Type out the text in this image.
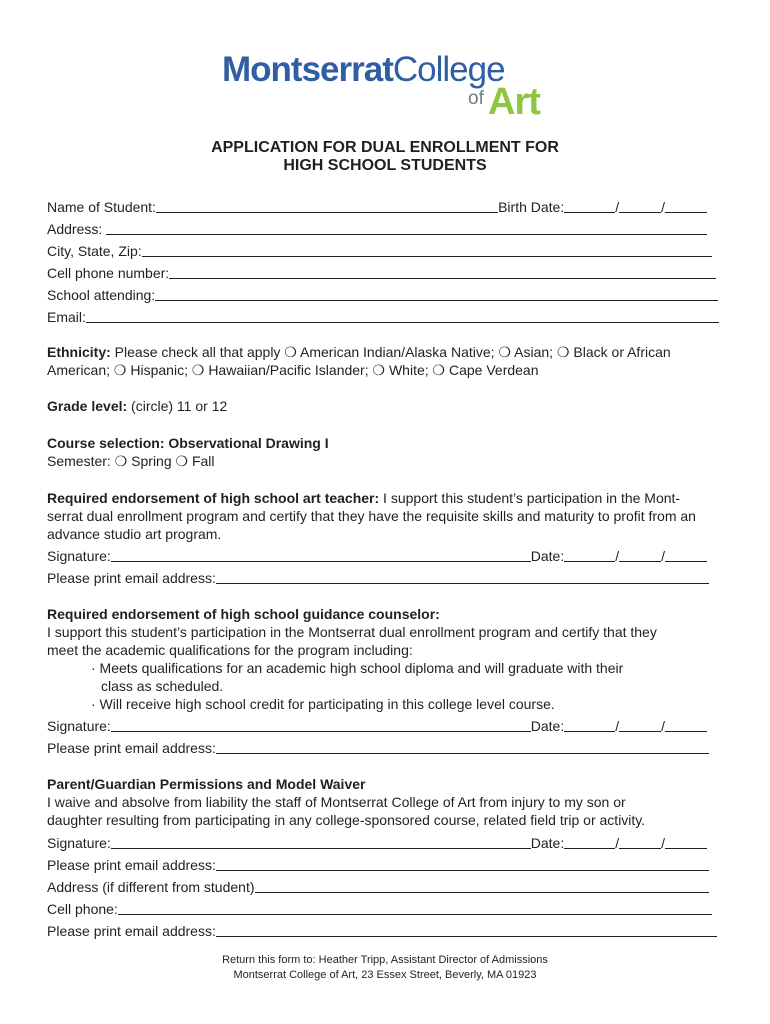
MontserratCollege
of Art
APPLICATION FOR DUAL ENROLLMENT FOR
HIGH SCHOOL STUDENTS
Name of Student:	Birth Date:	/	/
Address:
City, State, Zip:
Cell phone number:
School attending:
Email:
Ethnicity: Please check all that apply ❍ American Indian/Alaska Native; ❍ Asian; ❍ Black or African
American; ❍ Hispanic; ❍ Hawaiian/Pacific Islander; ❍ White; ❍ Cape Verdean
Grade level: (circle) 11 or 12
Course selection: Observational Drawing I
Semester: ❍ Spring ❍ Fall
Required endorsement of high school art teacher: I support this student’s participation in the Mont-
serrat dual enrollment program and certify that they have the requisite skills and maturity to profit from an
advance studio art program.
Signature:	Date:	/	/
Please print email address:
Required endorsement of high school guidance counselor:
I support this student’s participation in the Montserrat dual enrollment program and certify that they
meet the academic qualifications for the program including:
· Meets qualifications for an academic high school diploma and will graduate with their
class as scheduled.
· Will receive high school credit for participating in this college level course.
Signature:	Date:	/	/
Please print email address:
Parent/Guardian Permissions and Model Waiver
I waive and absolve from liability the staff of Montserrat College of Art from injury to my son or
daughter resulting from participating in any college-sponsored course, related field trip or activity.
Signature:	Date:	/	/
Please print email address:
Address (if different from student)
Cell phone:
Please print email address:
Return this form to: Heather Tripp, Assistant Director of Admissions
Montserrat College of Art, 23 Essex Street, Beverly, MA 01923
